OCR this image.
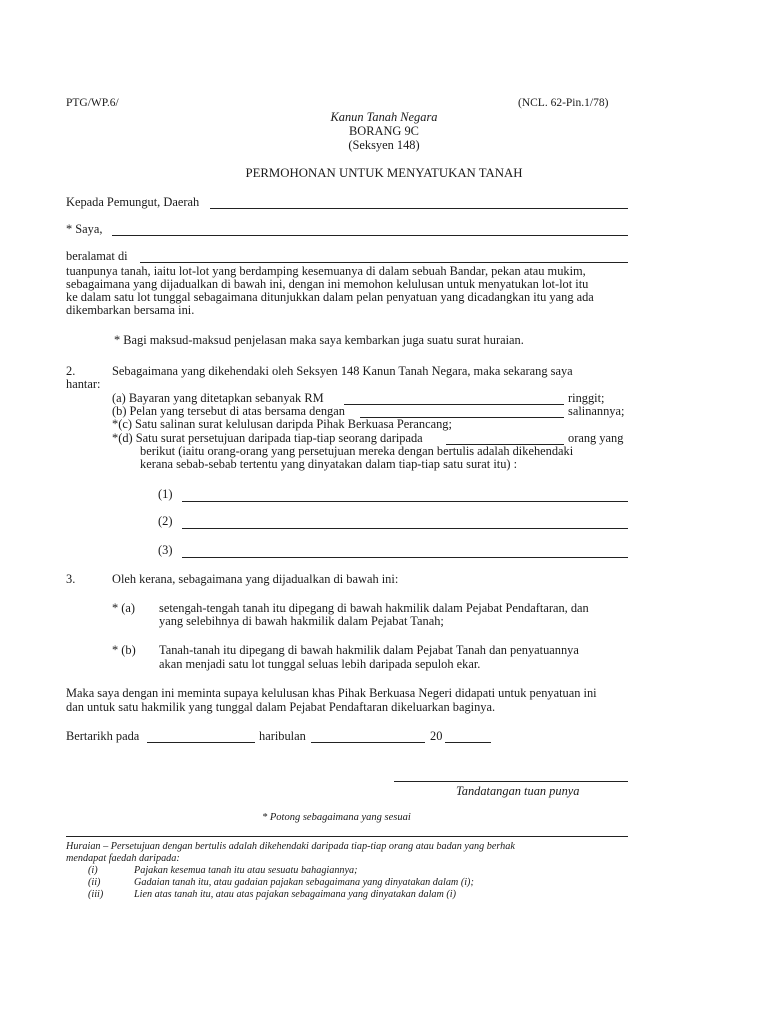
PTG/WP.6/	(NCL. 62-Pin.1/78)
Kanun Tanah Negara
BORANG 9C
(Seksyen 148)
PERMOHONAN UNTUK MENYATUKAN TANAH
Kepada Pemungut, Daerah
* Saya,
beralamat di
tuanpunya tanah, iaitu lot-lot yang berdamping kesemuanya di dalam sebuah Bandar, pekan atau mukim,
sebagaimana yang dijadualkan di bawah ini, dengan ini memohon kelulusan untuk menyatukan lot-lot itu
ke dalam satu lot tunggal sebagaimana ditunjukkan dalam pelan penyatuan yang dicadangkan itu yang ada
dikembarkan bersama ini.
* Bagi maksud-maksud penjelasan maka saya kembarkan juga suatu surat huraian.
2.	Sebagaimana yang dikehendaki oleh Seksyen 148 Kanun Tanah Negara, maka sekarang saya
hantar:
(a) Bayaran yang ditetapkan sebanyak RM	ringgit;
(b) Pelan yang tersebut di atas bersama dengan	salinannya;
*(c) Satu salinan surat kelulusan daripda Pihak Berkuasa Perancang;
*(d) Satu surat persetujuan daripada tiap-tiap seorang daripada	orang yang
berikut (iaitu orang-orang yang persetujuan mereka dengan bertulis adalah dikehendaki
kerana sebab-sebab tertentu yang dinyatakan dalam tiap-tiap satu surat itu) :
(1)
(2)
(3)
3.	Oleh kerana, sebagaimana yang dijadualkan di bawah ini:
* (a) setengah-tengah tanah itu dipegang di bawah hakmilik dalam Pejabat Pendaftaran, dan
yang selebihnya di bawah hakmilik dalam Pejabat Tanah;
* (b) Tanah-tanah itu dipegang di bawah hakmilik dalam Pejabat Tanah dan penyatuannya
akan menjadi satu lot tunggal seluas lebih daripada sepuloh ekar.
Maka saya dengan ini meminta supaya kelulusan khas Pihak Berkuasa Negeri didapati untuk penyatuan ini
dan untuk satu hakmilik yang tunggal dalam Pejabat Pendaftaran dikeluarkan baginya.
Bertarikh pada	haribulan	20
Tandatangan tuan punya
* Potong sebagaimana yang sesuai
Huraian – Persetujuan dengan bertulis adalah dikehendaki daripada tiap-tiap orang atau badan yang berhak
mendapat faedah daripada:
(i)	Pajakan kesemua tanah itu atau sesuatu bahagiannya;
(ii)	Gadaian tanah itu, atau gadaian pajakan sebagaimana yang dinyatakan dalam (i);
(iii)	Lien atas tanah itu, atau atas pajakan sebagaimana yang dinyatakan dalam (i)
